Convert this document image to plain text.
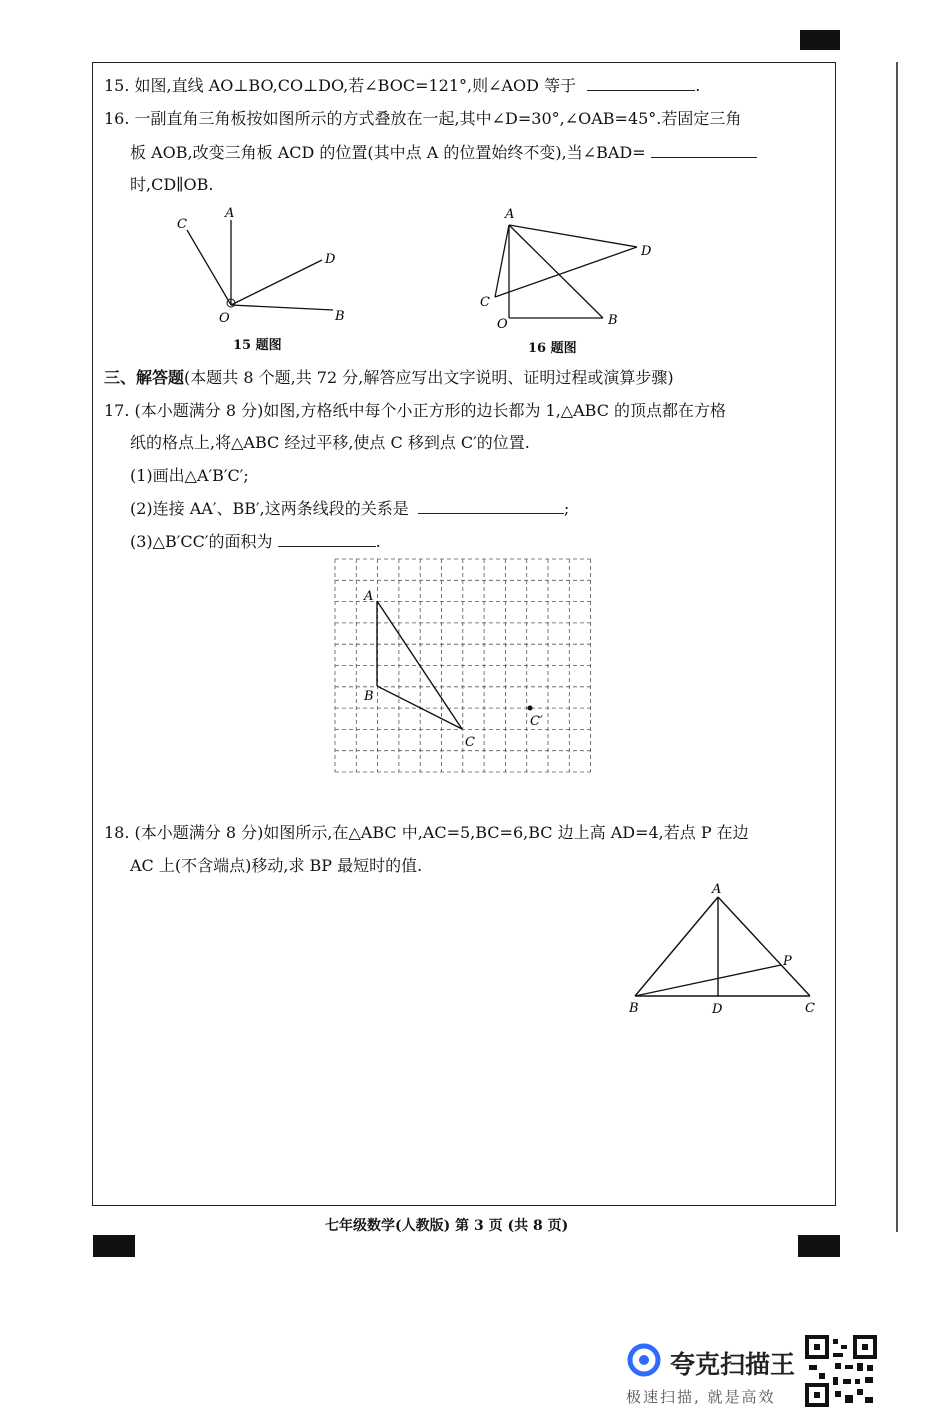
15. 如图,直线 AO⊥BO,CO⊥DO,若∠BOC=121°,则∠AOD 等于	.
16. 一副直角三角板按如图所示的方式叠放在一起,其中∠D=30°,∠OAB=45°.若固定三角
板 AOB,改变三角板 ACD 的位置(其中点 A 的位置始终不变),当∠BAD=
时,CD∥OB.
A
C
D
O	B
15 题图
A
D
C
O	B
16 题图
三、解答题(本题共 8 个题,共 72 分,解答应写出文字说明、证明过程或演算步骤)
17. (本小题满分 8 分)如图,方格纸中每个小正方形的边长都为 1,△ABC 的顶点都在方格
纸的格点上,将△ABC 经过平移,使点 C 移到点 C′的位置.
(1)画出△A′B′C′;
(2)连接 AA′、BB′,这两条线段的关系是	;
(3)△B′CC′的面积为	.
A
B
C
C′
18. (本小题满分 8 分)如图所示,在△ABC 中,AC=5,BC=6,BC 边上高 AD=4,若点 P 在边
AC 上(不含端点)移动,求 BP 最短时的值.
A
P
B	D	C
七年级数学(人教版) 第 3 页 (共 8 页)
夸克扫描王
极速扫描, 就是高效
